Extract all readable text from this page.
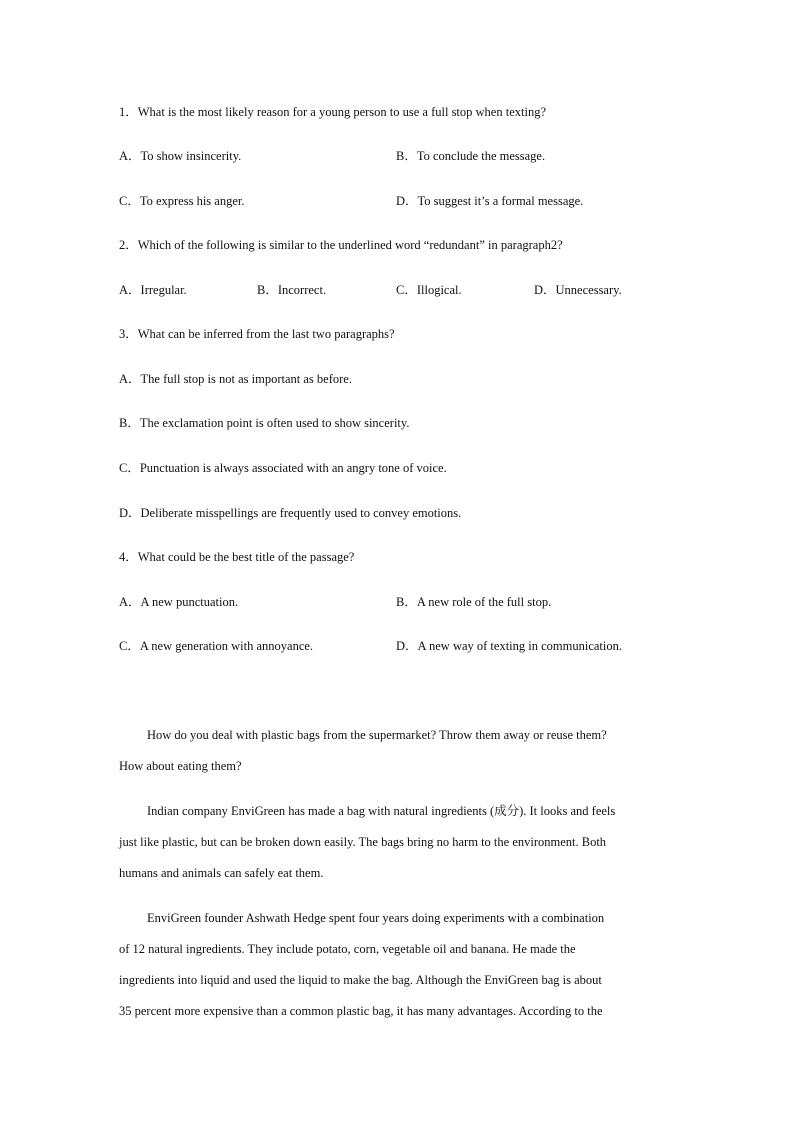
1．What is the most likely reason for a young person to use a full stop when texting?
A．To show insincerity.	B．To conclude the message.
C．To express his anger.	D．To suggest it’s a formal message.
2．Which of the following is similar to the underlined word “redundant” in paragraph2?
A．Irregular.	B．Incorrect.	C．Illogical.	D．Unnecessary.
3．What can be inferred from the last two paragraphs?
A．The full stop is not as important as before.
B．The exclamation point is often used to show sincerity.
C．Punctuation is always associated with an angry tone of voice.
D．Deliberate misspellings are frequently used to convey emotions.
4．What could be the best title of the passage?
A．A new punctuation.	B．A new role of the full stop.
C．A new generation with annoyance.	D．A new way of texting in communication.
How do you deal with plastic bags from the supermarket? Throw them away or reuse them?
How about eating them?
Indian company EnviGreen has made a bag with natural ingredients (成分). It looks and feels
just like plastic, but can be broken down easily. The bags bring no harm to the environment. Both
humans and animals can safely eat them.
EnviGreen founder Ashwath Hedge spent four years doing experiments with a combination
of 12 natural ingredients. They include potato, corn, vegetable oil and banana. He made the
ingredients into liquid and used the liquid to make the bag. Although the EnviGreen bag is about
35 percent more expensive than a common plastic bag, it has many advantages. According to the
